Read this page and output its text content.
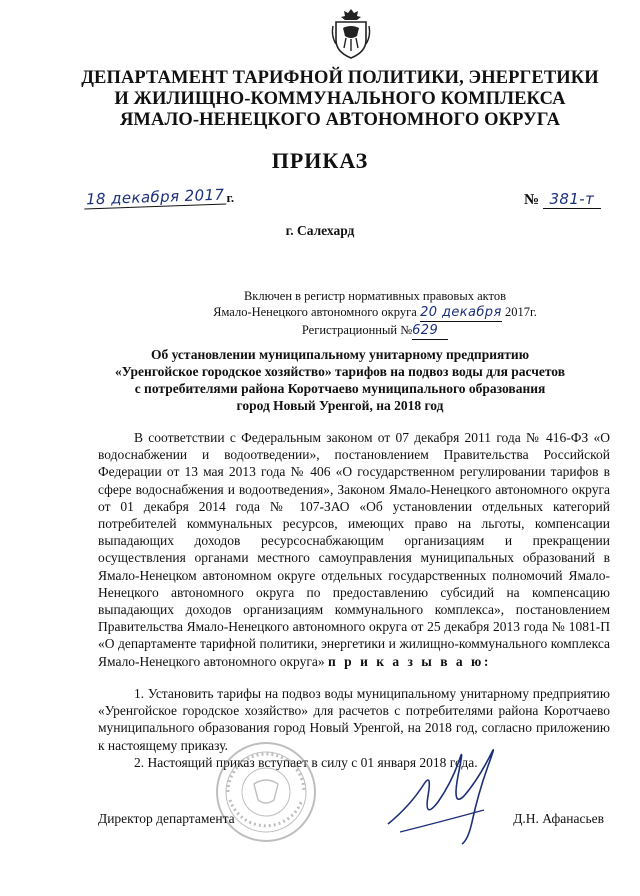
ДЕПАРТАМЕНТ ТАРИФНОЙ ПОЛИТИКИ, ЭНЕРГЕТИКИ
И ЖИЛИЩНО-КОММУНАЛЬНОГО КОМПЛЕКСА
ЯМАЛО-НЕНЕЦКОГО АВТОНОМНОГО ОКРУГА
ПРИКАЗ
18 декабря 2017 г.	№ 381-т
г. Салехард
Включен в регистр нормативных правовых актов
Ямало-Ненецкого автономного округа 20 декабря 2017г.
Регистрационный №629
Об установлении муниципальному унитарному предприятию
«Уренгойское городское хозяйство» тарифов на подвоз воды для расчетов
с потребителями района Коротчаево муниципального образования
город Новый Уренгой, на 2018 год

В соответствии с Федеральным законом от 07 декабря 2011 года № 416-ФЗ «О водоснабжении и водоотведении», постановлением Правительства Российской Федерации от 13 мая 2013 года № 406 «О государственном регулировании тарифов в сфере водоснабжения и водоотведения», Законом Ямало-Ненецкого автономного округа от 01 декабря 2014 года № 107-ЗАО «Об установлении отдельных категорий потребителей коммунальных ресурсов, имеющих право на льготы, компенсации выпадающих доходов ресурсоснабжающим организациям и прекращении осуществления органами местного самоуправления муниципальных образований в Ямало-Ненецком автономном округе отдельных государственных полномочий Ямало-Ненецкого автономного округа по предоставлению субсидий на компенсацию выпадающих доходов организациям коммунального комплекса», постановлением Правительства Ямало-Ненецкого автономного округа от 25 декабря 2013 года № 1081-П «О департаменте тарифной политики, энергетики и жилищно-коммунального комплекса Ямало-Ненецкого автономного округа» п р и к а з ы в а ю:

1. Установить тарифы на подвоз воды муниципальному унитарному предприятию «Уренгойское городское хозяйство» для расчетов с потребителями района Коротчаево муниципального образования город Новый Уренгой, на 2018 год, согласно приложению к настоящему приказу.

2. Настоящий приказ вступает в силу с 01 января 2018 года.

Директор департамента	Д.Н. Афанасьев
